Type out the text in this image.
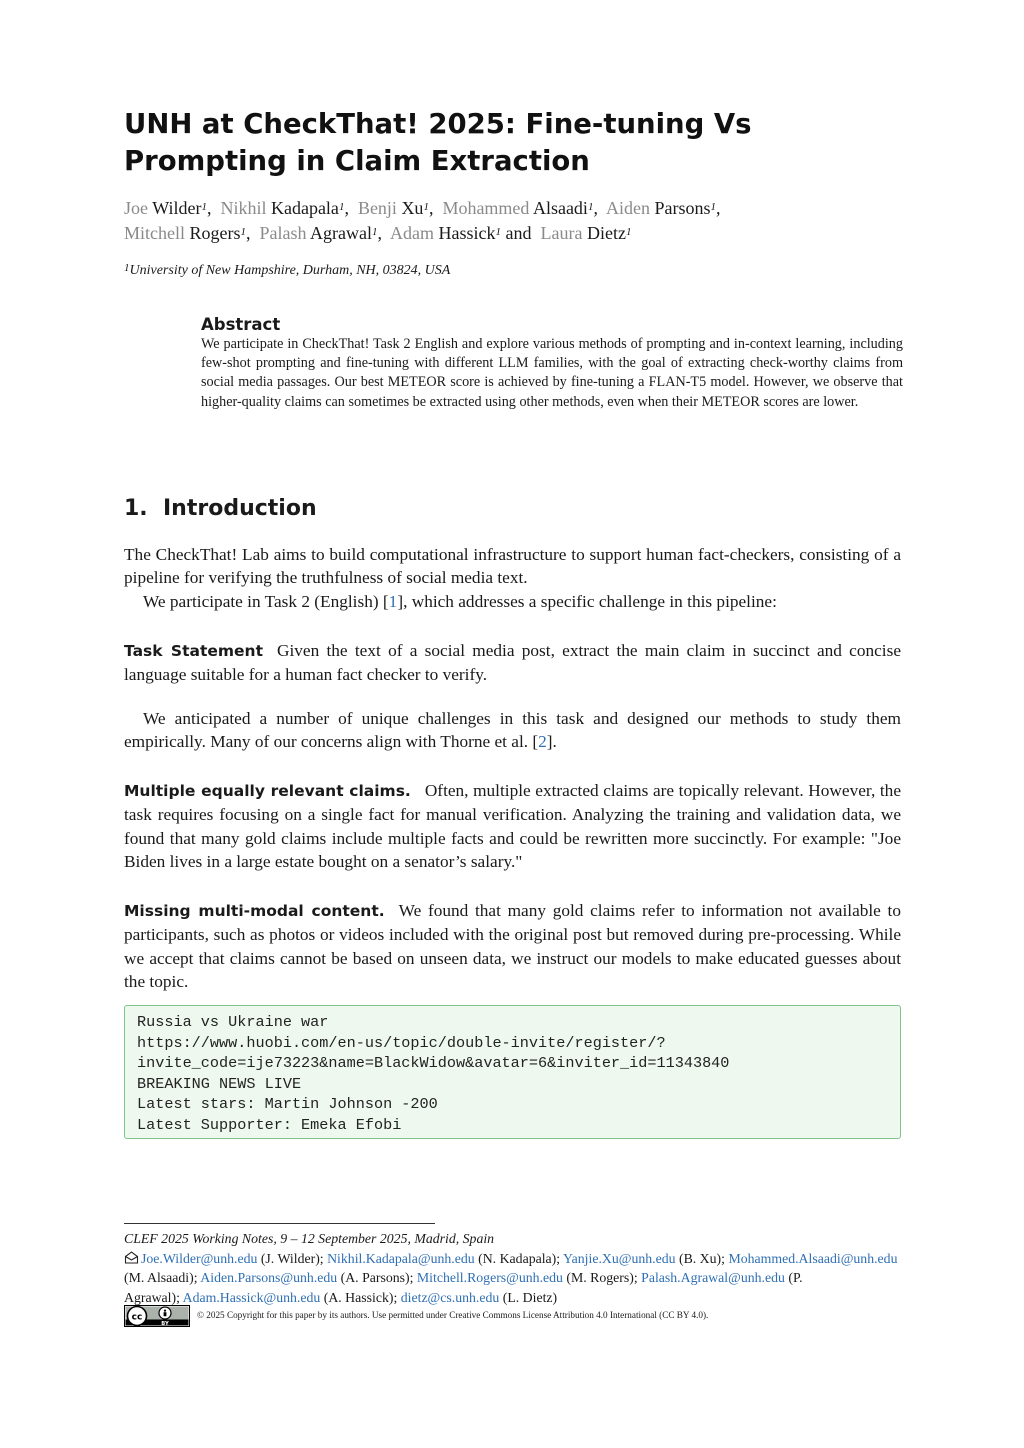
UNH at CheckThat! 2025: Fine-tuning Vs Prompting in Claim Extraction
Joe Wilder$^1$,  Nikhil Kadapala$^1$,  Benji Xu$^1$,  Mohammed Alsaadi$^1$,  Aiden Parsons$^1$,
Mitchell Rogers$^1$,  Palash Agrawal$^1$,  Adam Hassick$^1$ and  Laura Dietz$^1$
$^1$University of New Hampshire, Durham, NH, 03824, USA
Abstract

We participate in CheckThat! Task 2 English and explore various methods of prompting and in-context learning, including few-shot prompting and fine-tuning with different LLM families, with the goal of extracting check-worthy claims from social media passages. Our best METEOR score is achieved by fine-tuning a FLAN-T5 model. However, we observe that higher-quality claims can sometimes be extracted using other methods, even when their METEOR scores are lower.

1. Introduction

The CheckThat! Lab aims to build computational infrastructure to support human fact-checkers, consisting of a pipeline for verifying the truthfulness of social media text.

We participate in Task 2 (English) [1], which addresses a specific challenge in this pipeline:

Task Statement Given the text of a social media post, extract the main claim in succinct and concise language suitable for a human fact checker to verify.

We anticipated a number of unique challenges in this task and designed our methods to study them empirically. Many of our concerns align with Thorne et al. [2].

Multiple equally relevant claims. Often, multiple extracted claims are topically relevant. However, the task requires focusing on a single fact for manual verification. Analyzing the training and validation data, we found that many gold claims include multiple facts and could be rewritten more succinctly. For example: "Joe Biden lives in a large estate bought on a senator’s salary."

Missing multi-modal content. We found that many gold claims refer to information not available to participants, such as photos or videos included with the original post but removed during pre-processing. While we accept that claims cannot be based on unseen data, we instruct our models to make educated guesses about the topic.

Russia vs Ukraine war
https://www.huobi.com/en-us/topic/double-invite/register/?
invite_code=ije73223&name=BlackWidow&avatar=6&inviter_id=11343840
BREAKING NEWS LIVE
Latest stars: Martin Johnson -200
Latest Supporter: Emeka Efobi
CLEF 2025 Working Notes, 9 – 12 September 2025, Madrid, Spain
Joe.Wilder@unh.edu (J. Wilder); Nikhil.Kadapala@unh.edu (N. Kadapala); Yanjie.Xu@unh.edu (B. Xu); Mohammed.Alsaadi@unh.edu (M. Alsaadi); Aiden.Parsons@unh.edu (A. Parsons); Mitchell.Rogers@unh.edu (M. Rogers); Palash.Agrawal@unh.edu (P. Agrawal); Adam.Hassick@unh.edu (A. Hassick); dietz@cs.unh.edu (L. Dietz)
cc
BY
© 2025 Copyright for this paper by its authors. Use permitted under Creative Commons License Attribution 4.0 International (CC BY 4.0).
